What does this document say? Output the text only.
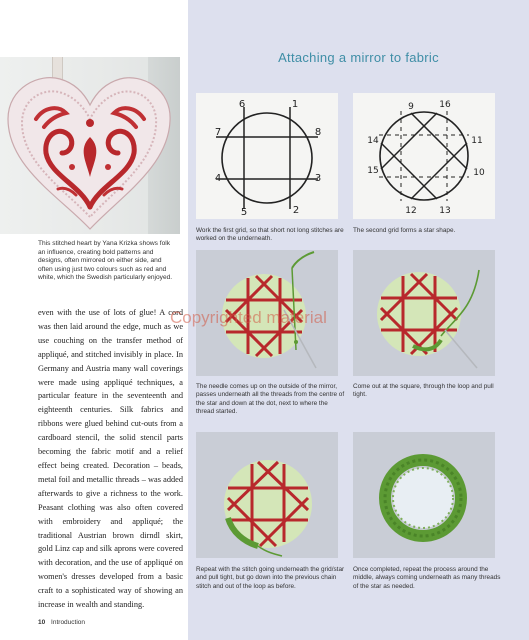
This stitched heart by Yana Krizka shows folk an influence, creating bold patterns and designs, often mirrored on either side, and often using just two colours such as red and white, which the Swedish particularly enjoyed.
even with the use of lots of glue! A cord was then laid around the edge, much as we use couching on the transfer method of appliqué, and stitched invisibly in place. In Germany and Austria many wall coverings were made using appliqué techniques, a particular feature in the seventeenth and eighteenth centuries. Silk fabrics and ribbons were glued behind cut-outs from a cardboard stencil, the solid stencil parts becoming the fabric motif and a relief effect being created. Decoration – beads, metal foil and metallic threads – was added afterwards to give a richness to the work. Peasant clothing was also often covered with embroidery and appliqué; the traditional Austrian brown dirndl skirt, gold Linz cap and silk aprons were covered with decoration, and the use of appliqué on women's dresses developed from a basic craft to a sophisticated way of showing an increase in wealth and standing.
10 Introduction
Attaching a mirror to fabric
6	1
7	8
4	3
5	2
Work the first grid, so that short not long stitches are worked on the underneath.
9	16
14	11
15	10
12	13
The second grid forms a star shape.
The needle comes up on the outside of the mirror, passes underneath all the threads from the centre of the star and down at the dot, next to where the thread started.
Come out at the square, through the loop and pull tight.
Repeat with the stitch going underneath the grid/star and pull tight, but go down into the previous chain stitch and out of the loop as before.
Once completed, repeat the process around the middle, always coming underneath as many threads of the star as needed.
Copyrighted material
